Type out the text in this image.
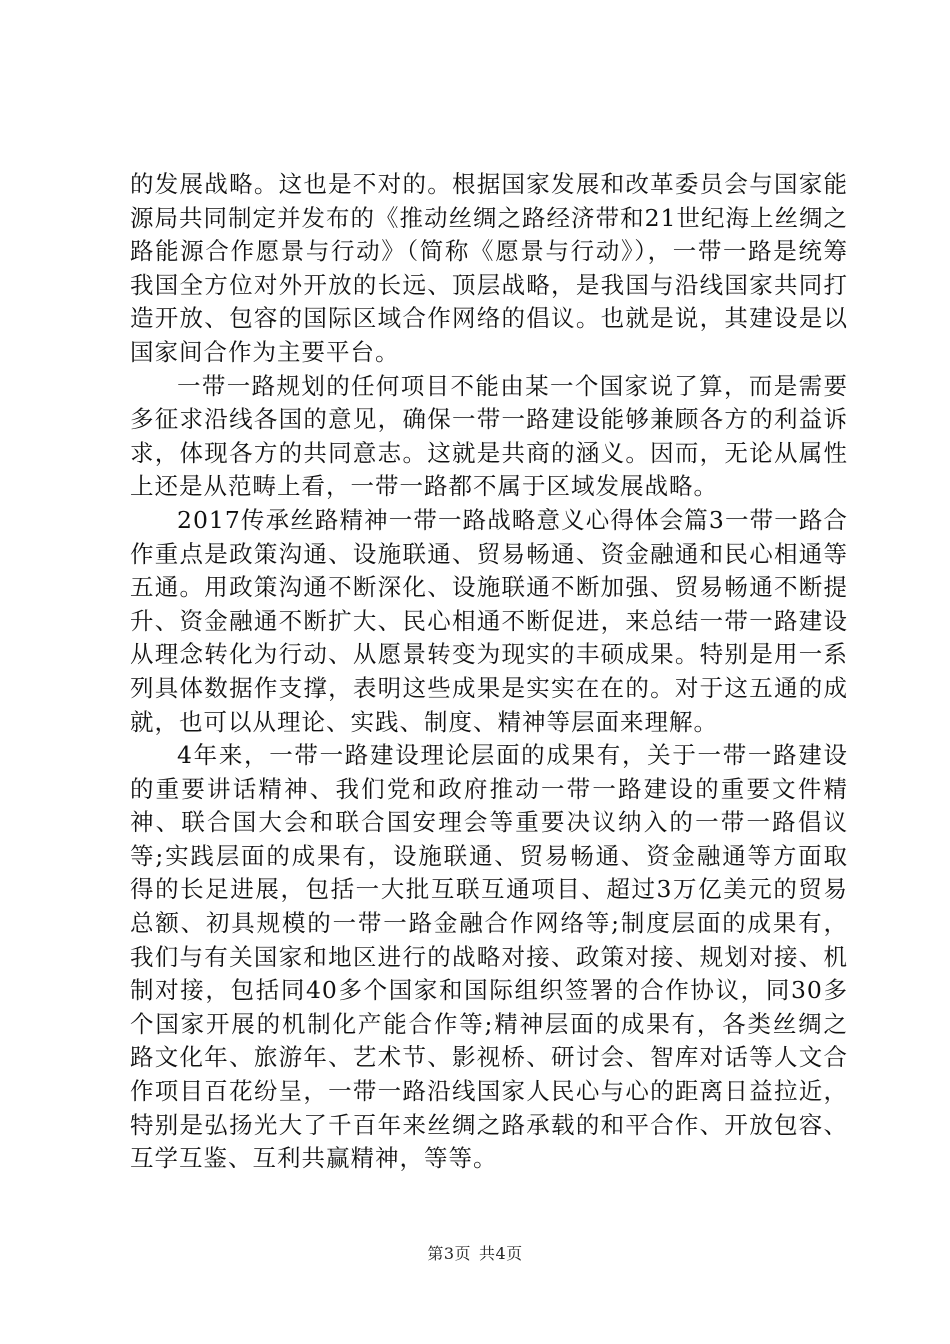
的发展战略。这也是不对的。根据国家发展和改革委员会与国家能源局共同制定并发布的《推动丝绸之路经济带和21世纪海上丝绸之路能源合作愿景与行动》（简称《愿景与行动》），一带一路是统筹我国全方位对外开放的长远、顶层战略，是我国与沿线国家共同打造开放、包容的国际区域合作网络的倡议。也就是说，其建设是以国家间合作为主要平台。

一带一路规划的任何项目不能由某一个国家说了算，而是需要多征求沿线各国的意见，确保一带一路建设能够兼顾各方的利益诉求，体现各方的共同意志。这就是共商的涵义。因而，无论从属性上还是从范畴上看，一带一路都不属于区域发展战略。

2017传承丝路精神一带一路战略意义心得体会篇3一带一路合作重点是政策沟通、设施联通、贸易畅通、资金融通和民心相通等五通。用政策沟通不断深化、设施联通不断加强、贸易畅通不断提升、资金融通不断扩大、民心相通不断促进，来总结一带一路建设从理念转化为行动、从愿景转变为现实的丰硕成果。特别是用一系列具体数据作支撑，表明这些成果是实实在在的。对于这五通的成就，也可以从理论、实践、制度、精神等层面来理解。

4年来，一带一路建设理论层面的成果有，关于一带一路建设的重要讲话精神、我们党和政府推动一带一路建设的重要文件精神、联合国大会和联合国安理会等重要决议纳入的一带一路倡议等;实践层面的成果有，设施联通、贸易畅通、资金融通等方面取得的长足进展，包括一大批互联互通项目、超过3万亿美元的贸易总额、初具规模的一带一路金融合作网络等;制度层面的成果有，我们与有关国家和地区进行的战略对接、政策对接、规划对接、机制对接，包括同40多个国家和国际组织签署的合作协议，同30多个国家开展的机制化产能合作等;精神层面的成果有，各类丝绸之路文化年、旅游年、艺术节、影视桥、研讨会、智库对话等人文合作项目百花纷呈，一带一路沿线国家人民心与心的距离日益拉近，特别是弘扬光大了千百年来丝绸之路承载的和平合作、开放包容、互学互鉴、互利共赢精神，等等。

第3页 共4页
